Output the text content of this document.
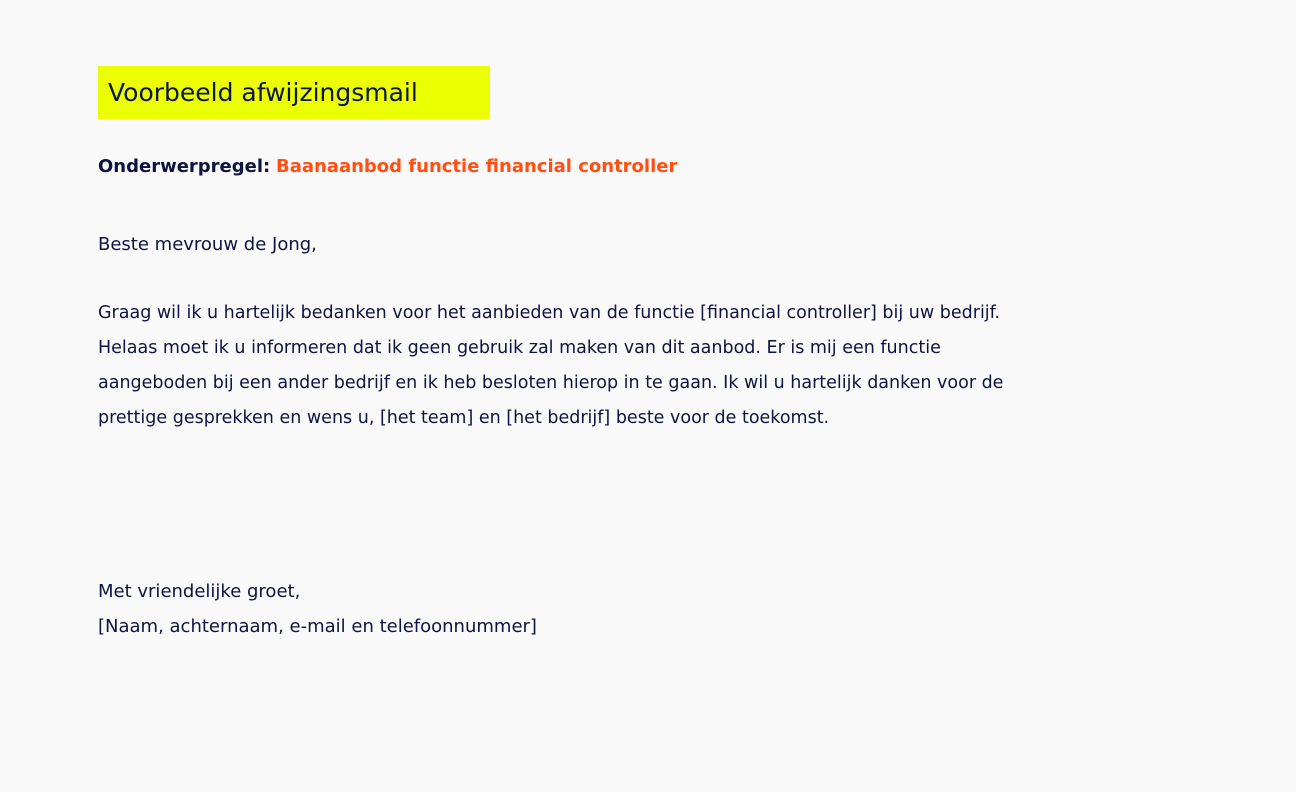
Voorbeeld afwijzingsmail
Onderwerpregel: Baanaanbod functie financial controller
Beste mevrouw de Jong,
Graag wil ik u hartelijk bedanken voor het aanbieden van de functie [financial controller] bij uw bedrijf.
Helaas moet ik u informeren dat ik geen gebruik zal maken van dit aanbod. Er is mij een functie
aangeboden bij een ander bedrijf en ik heb besloten hierop in te gaan. Ik wil u hartelijk danken voor de
prettige gesprekken en wens u, [het team] en [het bedrijf] beste voor de toekomst.
Met vriendelijke groet,
[Naam, achternaam, e-mail en telefoonnummer]
